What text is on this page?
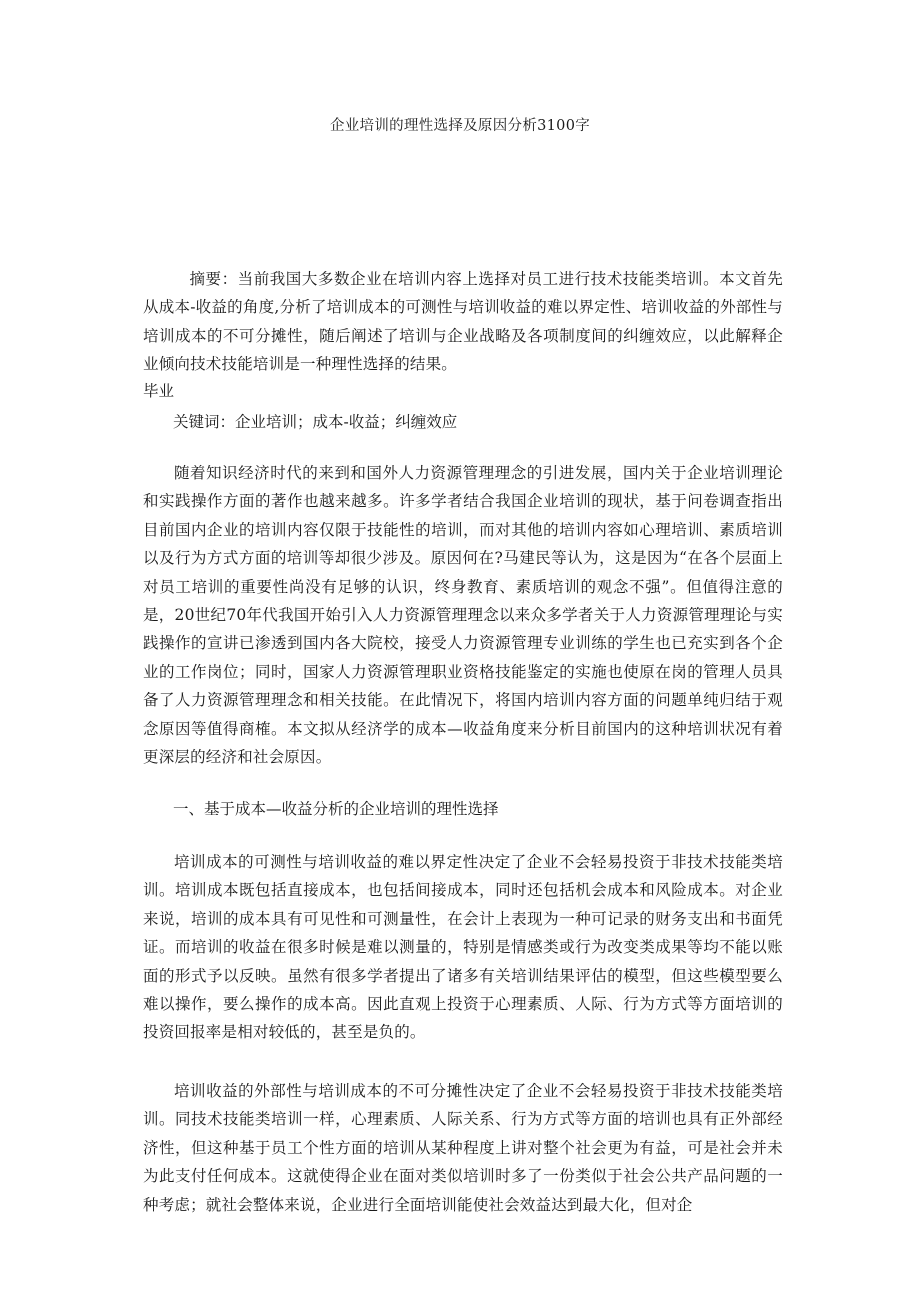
企业培训的理性选择及原因分析3100字

摘要：当前我国大多数企业在培训内容上选择对员工进行技术技能类培训。本文首先从成本-收益的角度,分析了培训成本的可测性与培训收益的难以界定性、培训收益的外部性与培训成本的不可分摊性，随后阐述了培训与企业战略及各项制度间的纠缠效应，以此解释企业倾向技术技能培训是一种理性选择的结果。

毕业

关键词：企业培训；成本-收益；纠缠效应

随着知识经济时代的来到和国外人力资源管理理念的引进发展，国内关于企业培训理论和实践操作方面的著作也越来越多。许多学者结合我国企业培训的现状，基于问卷调查指出目前国内企业的培训内容仅限于技能性的培训，而对其他的培训内容如心理培训、素质培训以及行为方式方面的培训等却很少涉及。原因何在?马建民等认为，这是因为“在各个层面上对员工培训的重要性尚没有足够的认识，终身教育、素质培训的观念不强”。但值得注意的是，20世纪70年代我国开始引入人力资源管理理念以来众多学者关于人力资源管理理论与实践操作的宣讲已渗透到国内各大院校，接受人力资源管理专业训练的学生也已充实到各个企业的工作岗位；同时，国家人力资源管理职业资格技能鉴定的实施也使原在岗的管理人员具备了人力资源管理理念和相关技能。在此情况下，将国内培训内容方面的问题单纯归结于观念原因等值得商榷。本文拟从经济学的成本—收益角度来分析目前国内的这种培训状况有着更深层的经济和社会原因。

一、基于成本—收益分析的企业培训的理性选择

培训成本的可测性与培训收益的难以界定性决定了企业不会轻易投资于非技术技能类培训。培训成本既包括直接成本，也包括间接成本，同时还包括机会成本和风险成本。对企业来说，培训的成本具有可见性和可测量性，在会计上表现为一种可记录的财务支出和书面凭证。而培训的收益在很多时候是难以测量的，特别是情感类或行为改变类成果等均不能以账面的形式予以反映。虽然有很多学者提出了诸多有关培训结果评估的模型，但这些模型要么难以操作，要么操作的成本高。因此直观上投资于心理素质、人际、行为方式等方面培训的投资回报率是相对较低的，甚至是负的。

培训收益的外部性与培训成本的不可分摊性决定了企业不会轻易投资于非技术技能类培训。同技术技能类培训一样，心理素质、人际关系、行为方式等方面的培训也具有正外部经济性，但这种基于员工个性方面的培训从某种程度上讲对整个社会更为有益，可是社会并未为此支付任何成本。这就使得企业在面对类似培训时多了一份类似于社会公共产品问题的一种考虑；就社会整体来说，企业进行全面培训能使社会效益达到最大化，但对企
